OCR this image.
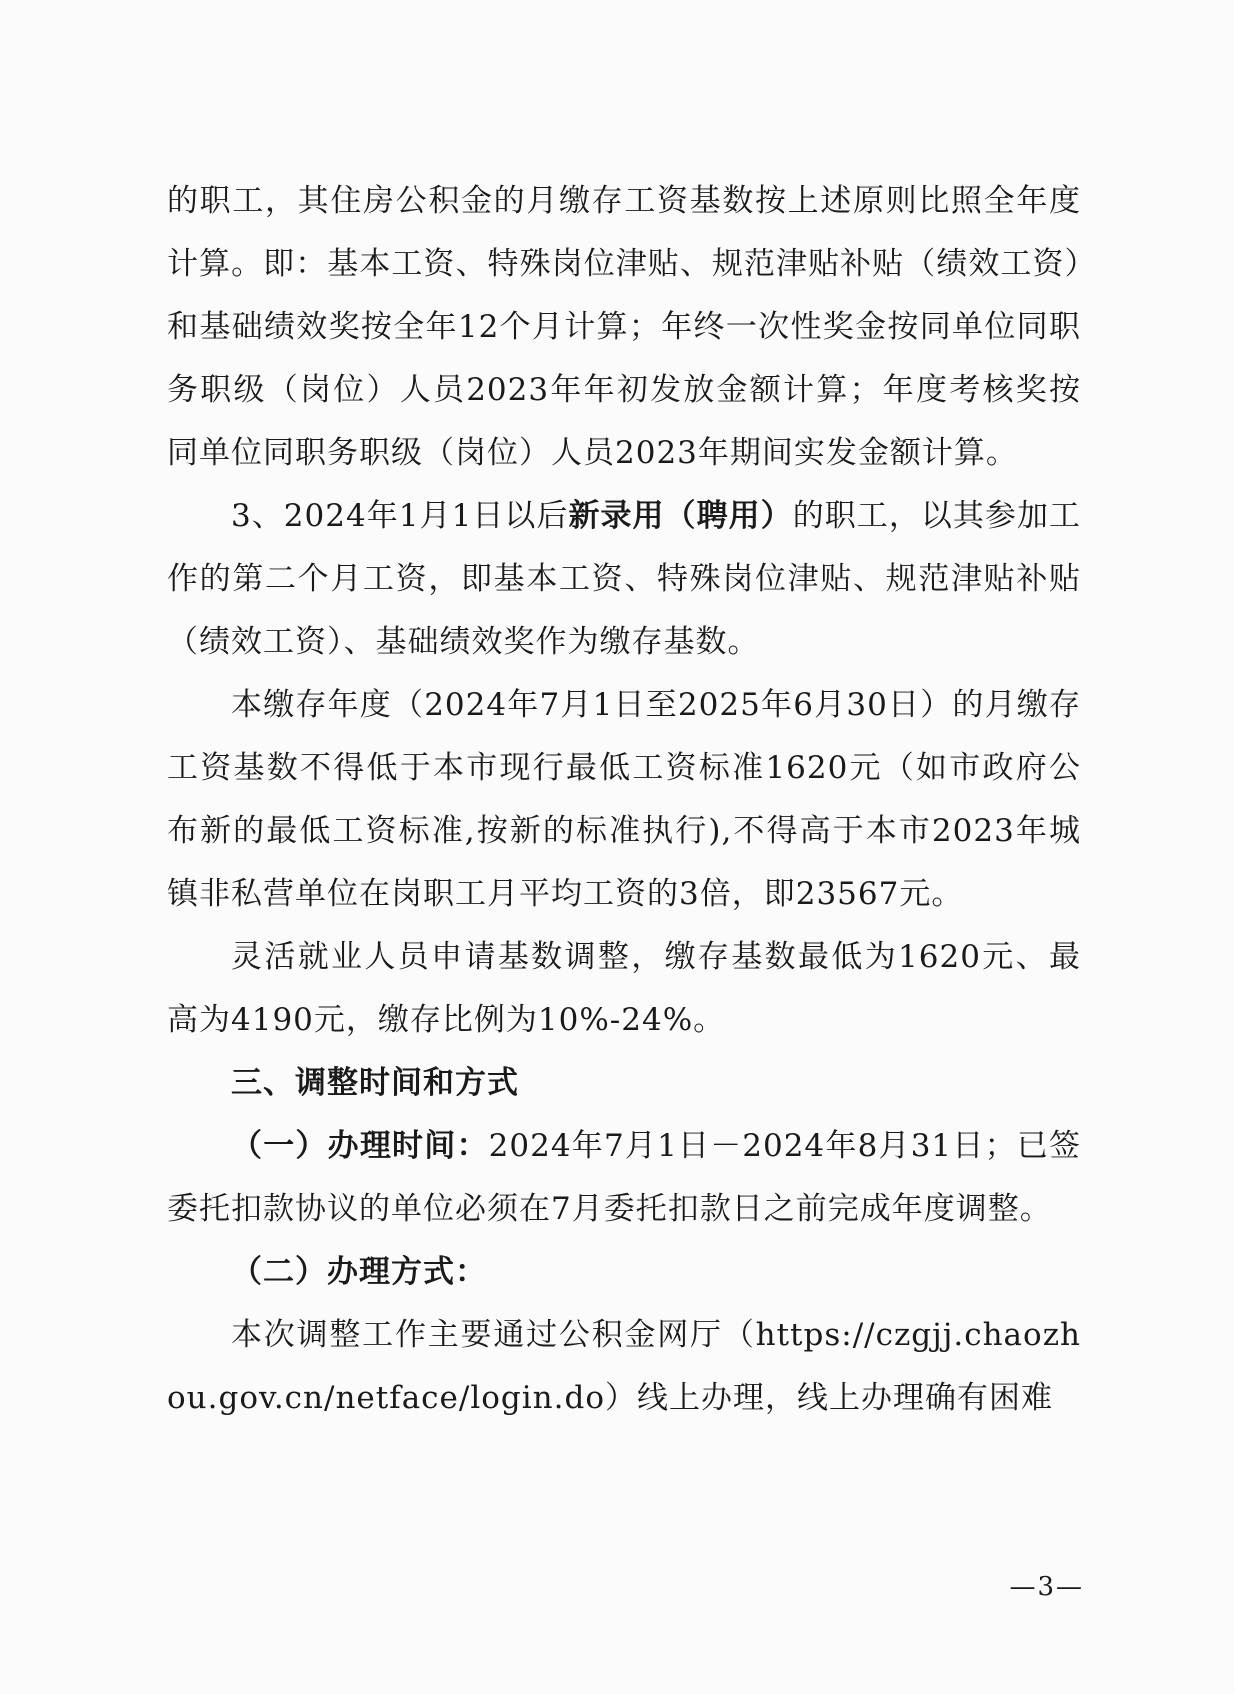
的职工，其住房公积金的月缴存工资基数按上述原则比照全年度计算。即：基本工资、特殊岗位津贴、规范津贴补贴（绩效工资）和基础绩效奖按全年12个月计算；年终一次性奖金按同单位同职务职级（岗位）人员2023年年初发放金额计算；年度考核奖按同单位同职务职级（岗位）人员2023年期间实发金额计算。

3、2024年1月1日以后新录用（聘用）的职工，以其参加工作的第二个月工资，即基本工资、特殊岗位津贴、规范津贴补贴（绩效工资）、基础绩效奖作为缴存基数。

本缴存年度（2024年7月1日至2025年6月30日）的月缴存工资基数不得低于本市现行最低工资标准1620元（如市政府公布新的最低工资标准,按新的标准执行),不得高于本市2023年城镇非私营单位在岗职工月平均工资的3倍，即23567元。

灵活就业人员申请基数调整，缴存基数最低为1620元、最高为4190元，缴存比例为10%-24%。

三、调整时间和方式

（一）办理时间：2024年7月1日－2024年8月31日；已签委托扣款协议的单位必须在7月委托扣款日之前完成年度调整。

（二）办理方式：

本次调整工作主要通过公积金网厅（https://czgjj.chaozhou.gov.cn/netface/login.do）线上办理，线上办理确有困难

—3—
